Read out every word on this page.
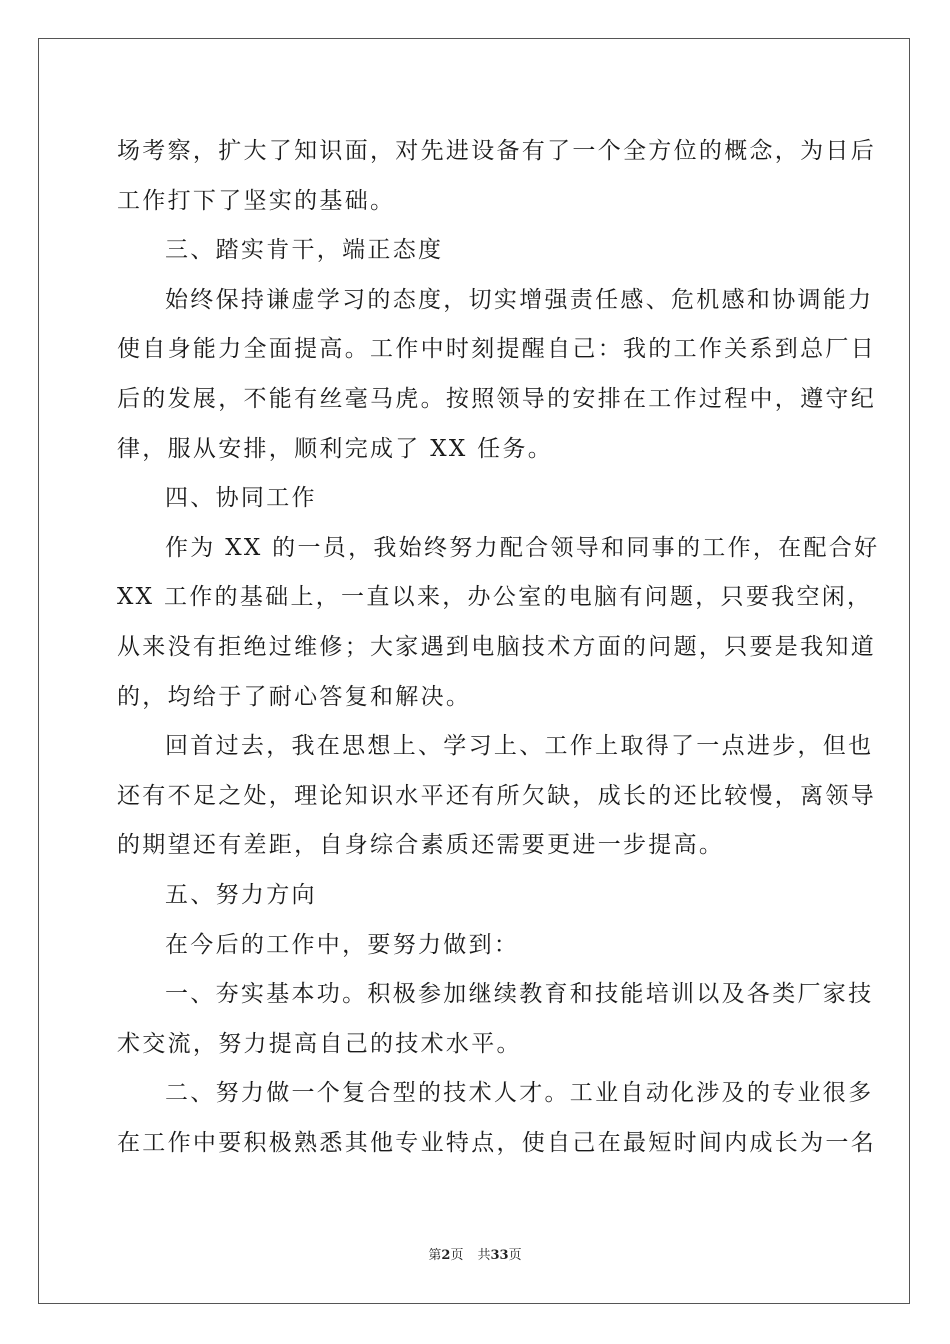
场考察，扩大了知识面，对先进设备有了一个全方位的概念，为日后
工作打下了坚实的基础。
三、踏实肯干，端正态度
始终保持谦虚学习的态度，切实增强责任感、危机感和协调能力
使自身能力全面提高。工作中时刻提醒自己：我的工作关系到总厂日
后的发展，不能有丝毫马虎。按照领导的安排在工作过程中，遵守纪
律，服从安排，顺利完成了 XX 任务。
四、协同工作
作为 XX 的一员，我始终努力配合领导和同事的工作，在配合好
XX 工作的基础上，一直以来，办公室的电脑有问题，只要我空闲，
从来没有拒绝过维修；大家遇到电脑技术方面的问题，只要是我知道
的，均给于了耐心答复和解决。
回首过去，我在思想上、学习上、工作上取得了一点进步，但也
还有不足之处，理论知识水平还有所欠缺，成长的还比较慢，离领导
的期望还有差距，自身综合素质还需要更进一步提高。
五、努力方向
在今后的工作中，要努力做到：
一、夯实基本功。积极参加继续教育和技能培训以及各类厂家技
术交流，努力提高自己的技术水平。
二、努力做一个复合型的技术人才。工业自动化涉及的专业很多
在工作中要积极熟悉其他专业特点，使自己在最短时间内成长为一名
第2页 共33页
